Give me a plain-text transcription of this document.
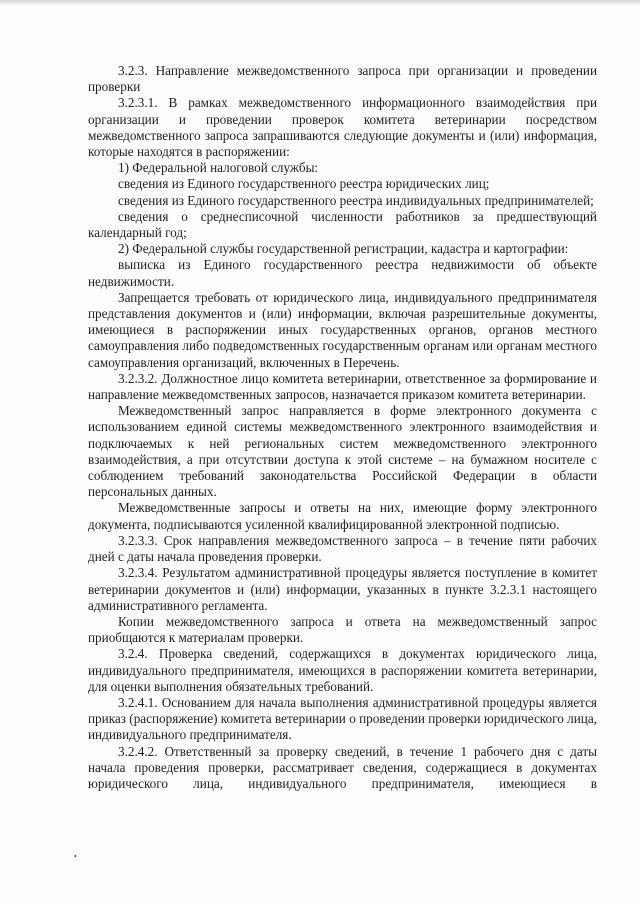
3.2.3. Направление межведомственного запроса при организации и проведении проверки

3.2.3.1. В рамках межведомственного информационного взаимодействия при организации и проведении проверок комитета ветеринарии посредством межведомственного запроса запрашиваются следующие документы и (или) информация, которые находятся в распоряжении:

1) Федеральной налоговой службы:

сведения из Единого государственного реестра юридических лиц;

сведения из Единого государственного реестра индивидуальных предпринимателей;

сведения о среднесписочной численности работников за предшествующий календарный год;

2) Федеральной службы государственной регистрации, кадастра и картографии:

выписка из Единого государственного реестра недвижимости об объекте недвижимости.

Запрещается требовать от юридического лица, индивидуального предпринимателя представления документов и (или) информации, включая разрешительные документы, имеющиеся в распоряжении иных государственных органов, органов местного самоуправления либо подведомственных государственным органам или органам местного самоуправления организаций, включенных в Перечень.

3.2.3.2. Должностное лицо комитета ветеринарии, ответственное за формирование и направление межведомственных запросов, назначается приказом комитета ветеринарии.

Межведомственный запрос направляется в форме электронного документа с использованием единой системы межведомственного электронного взаимодействия и подключаемых к ней региональных систем межведомственного электронного взаимодействия, а при отсутствии доступа к этой системе – на бумажном носителе с соблюдением требований законодательства Российской Федерации в области персональных данных.

Межведомственные запросы и ответы на них, имеющие форму электронного документа, подписываются усиленной квалифицированной электронной подписью.

3.2.3.3. Срок направления межведомственного запроса – в течение пяти рабочих дней с даты начала проведения проверки.

3.2.3.4. Результатом административной процедуры является поступление в комитет ветеринарии документов и (или) информации, указанных в пункте 3.2.3.1 настоящего административного регламента.

Копии межведомственного запроса и ответа на межведомственный запрос приобщаются к материалам проверки.

3.2.4. Проверка сведений, содержащихся в документах юридического лица, индивидуального предпринимателя, имеющихся в распоряжении комитета ветеринарии, для оценки выполнения обязательных требований.

3.2.4.1. Основанием для начала выполнения административной процедуры является приказ (распоряжение) комитета ветеринарии о проведении проверки юридического лица, индивидуального предпринимателя.

3.2.4.2. Ответственный за проверку сведений, в течение 1 рабочего дня с даты начала проведения проверки, рассматривает сведения, содержащиеся в документах юридического лица, индивидуального предпринимателя, имеющиеся в

•
